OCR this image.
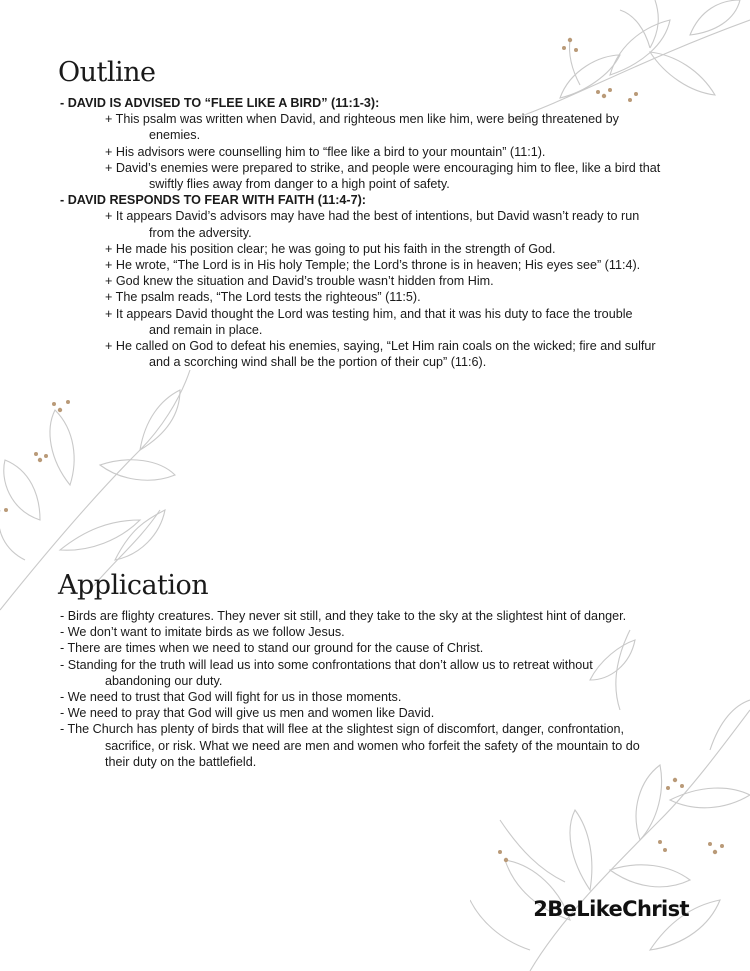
Outline
- DAVID IS ADVISED TO “FLEE LIKE A BIRD” (11:1-3):
+ This psalm was written when David, and righteous men like him, were being threatened by
enemies.
+ His advisors were counselling him to “flee like a bird to your mountain” (11:1).
+ David’s enemies were prepared to strike, and people were encouraging him to flee, like a bird that
swiftly flies away from danger to a high point of safety.
- DAVID RESPONDS TO FEAR WITH FAITH (11:4-7):
+ It appears David’s advisors may have had the best of intentions, but David wasn’t ready to run
from the adversity.
+ He made his position clear; he was going to put his faith in the strength of God.
+ He wrote, “The Lord is in His holy Temple; the Lord’s throne is in heaven; His eyes see” (11:4).
+ God knew the situation and David’s trouble wasn’t hidden from Him.
+ The psalm reads, “The Lord tests the righteous” (11:5).
+ It appears David thought the Lord was testing him, and that it was his duty to face the trouble
and remain in place.
+ He called on God to defeat his enemies, saying, “Let Him rain coals on the wicked; fire and sulfur
and a scorching wind shall be the portion of their cup” (11:6).
Application
- Birds are flighty creatures. They never sit still, and they take to the sky at the slightest hint of danger.
- We don’t want to imitate birds as we follow Jesus.
- There are times when we need to stand our ground for the cause of Christ.
- Standing for the truth will lead us into some confrontations that don’t allow us to retreat without
abandoning our duty.
- We need to trust that God will fight for us in those moments.
- We need to pray that God will give us men and women like David.
- The Church has plenty of birds that will flee at the slightest sign of discomfort, danger, confrontation,
sacrifice, or risk. What we need are men and women who forfeit the safety of the mountain to do
their duty on the battlefield.
2BeLikeChrist
